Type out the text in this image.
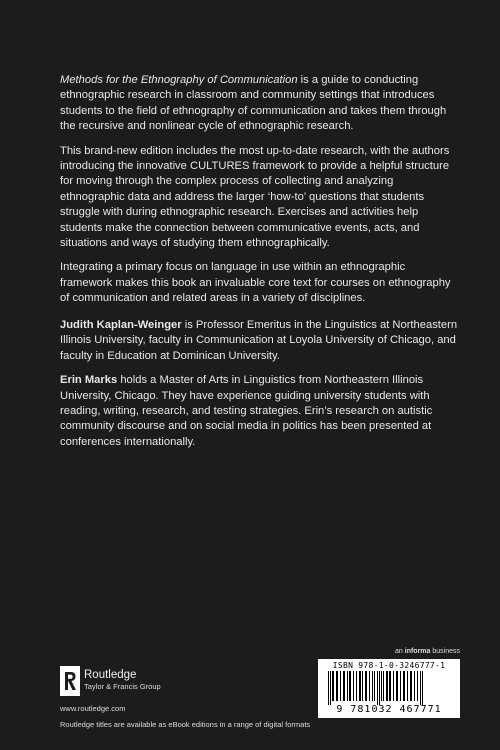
Methods for the Ethnography of Communication is a guide to conducting ethnographic research in classroom and community settings that introduces students to the field of ethnography of communication and takes them through the recursive and nonlinear cycle of ethnographic research.

This brand-new edition includes the most up-to-date research, with the authors introducing the innovative CULTURES framework to provide a helpful structure for moving through the complex process of collecting and analyzing ethnographic data and address the larger ‘how-to’ questions that students struggle with during ethnographic research. Exercises and activities help students make the connection between communicative events, acts, and situations and ways of studying them ethnographically.

Integrating a primary focus on language in use within an ethnographic framework makes this book an invaluable core text for courses on ethnography of communication and related areas in a variety of disciplines.

Judith Kaplan-Weinger is Professor Emeritus in the Linguistics at Northeastern Illinois University, faculty in Communication at Loyola University of Chicago, and faculty in Education at Dominican University.

Erin Marks holds a Master of Arts in Linguistics from Northeastern Illinois University, Chicago. They have experience guiding university students with reading, writing, research, and testing strategies. Erin’s research on autistic community discourse and on social media in politics has been presented at conferences internationally.

an informa business
Routledge
Taylor & Francis Group
www.routledge.com
Routledge titles are available as eBook editions in a range of digital formats
ISBN 978-1-0-3246777-1
9 781032 467771
